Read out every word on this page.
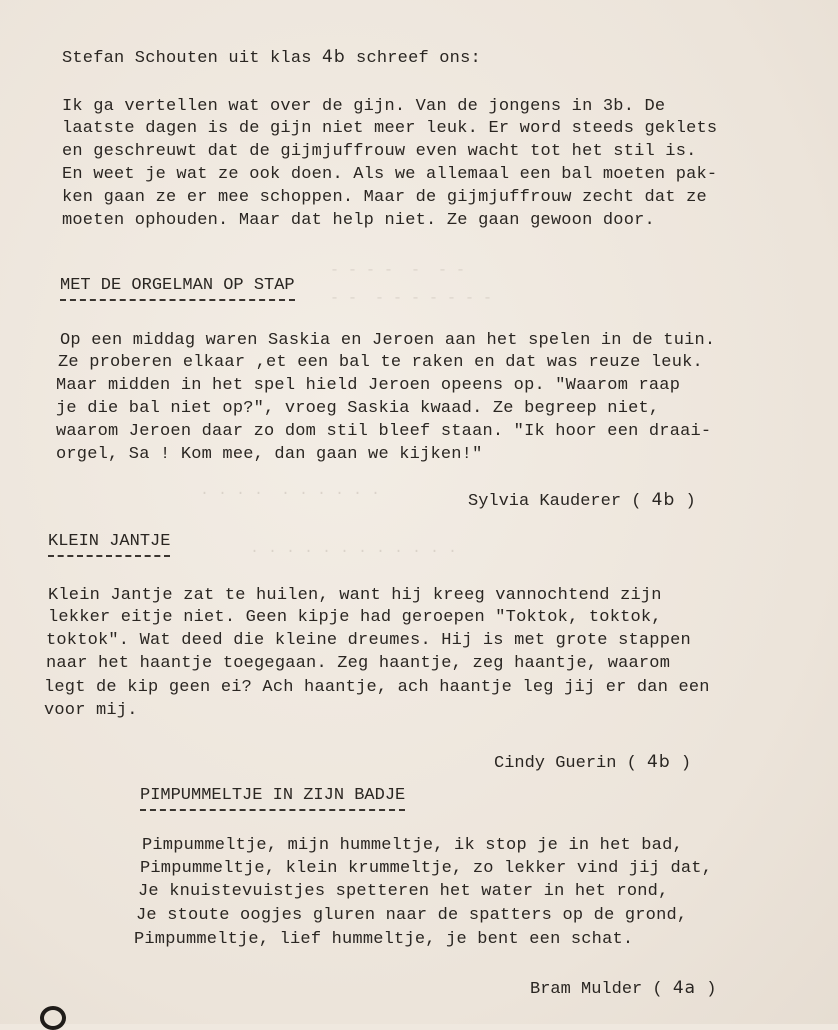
- - - -  -  - -
- -  - - - - - - -
. . . .  . . . . . .
. . . . . . . . . . . .
Stefan Schouten uit klas 4b schreef ons:
Ik ga vertellen wat over de gijn. Van de jongens in 3b. De
laatste dagen is de gijn niet meer leuk. Er word steeds geklets
en geschreuwt dat de gijmjuffrouw even wacht tot het stil is.
En weet je wat ze ook doen. Als we allemaal een bal moeten pak-
ken gaan ze er mee schoppen. Maar de gijmjuffrouw zecht dat ze
moeten ophouden. Maar dat help niet. Ze gaan gewoon door.
MET DE ORGELMAN OP STAP
Op een middag waren Saskia en Jeroen aan het spelen in de tuin.
Ze proberen elkaar ,et een bal te raken en dat was reuze leuk.
Maar midden in het spel hield Jeroen opeens op. "Waarom raap
je die bal niet op?", vroeg Saskia kwaad. Ze begreep niet,
waarom Jeroen daar zo dom stil bleef staan. "Ik hoor een draai-
orgel, Sa ! Kom mee, dan gaan we kijken!"
Sylvia Kauderer ( 4b )
KLEIN JANTJE
Klein Jantje zat te huilen, want hij kreeg vannochtend zijn
lekker eitje niet. Geen kipje had geroepen "Toktok, toktok,
toktok". Wat deed die kleine dreumes. Hij is met grote stappen
naar het haantje toegegaan. Zeg haantje, zeg haantje, waarom
legt de kip geen ei? Ach haantje, ach haantje leg jij er dan een
voor mij.
Cindy Guerin ( 4b )
PIMPUMMELTJE IN ZIJN BADJE
Pimpummeltje, mijn hummeltje, ik stop je in het bad,
Pimpummeltje, klein krummeltje, zo lekker vind jij dat,
Je knuistevuistjes spetteren het water in het rond,
Je stoute oogjes gluren naar de spatters op de grond,
Pimpummeltje, lief hummeltje, je bent een schat.
Bram Mulder ( 4a )
